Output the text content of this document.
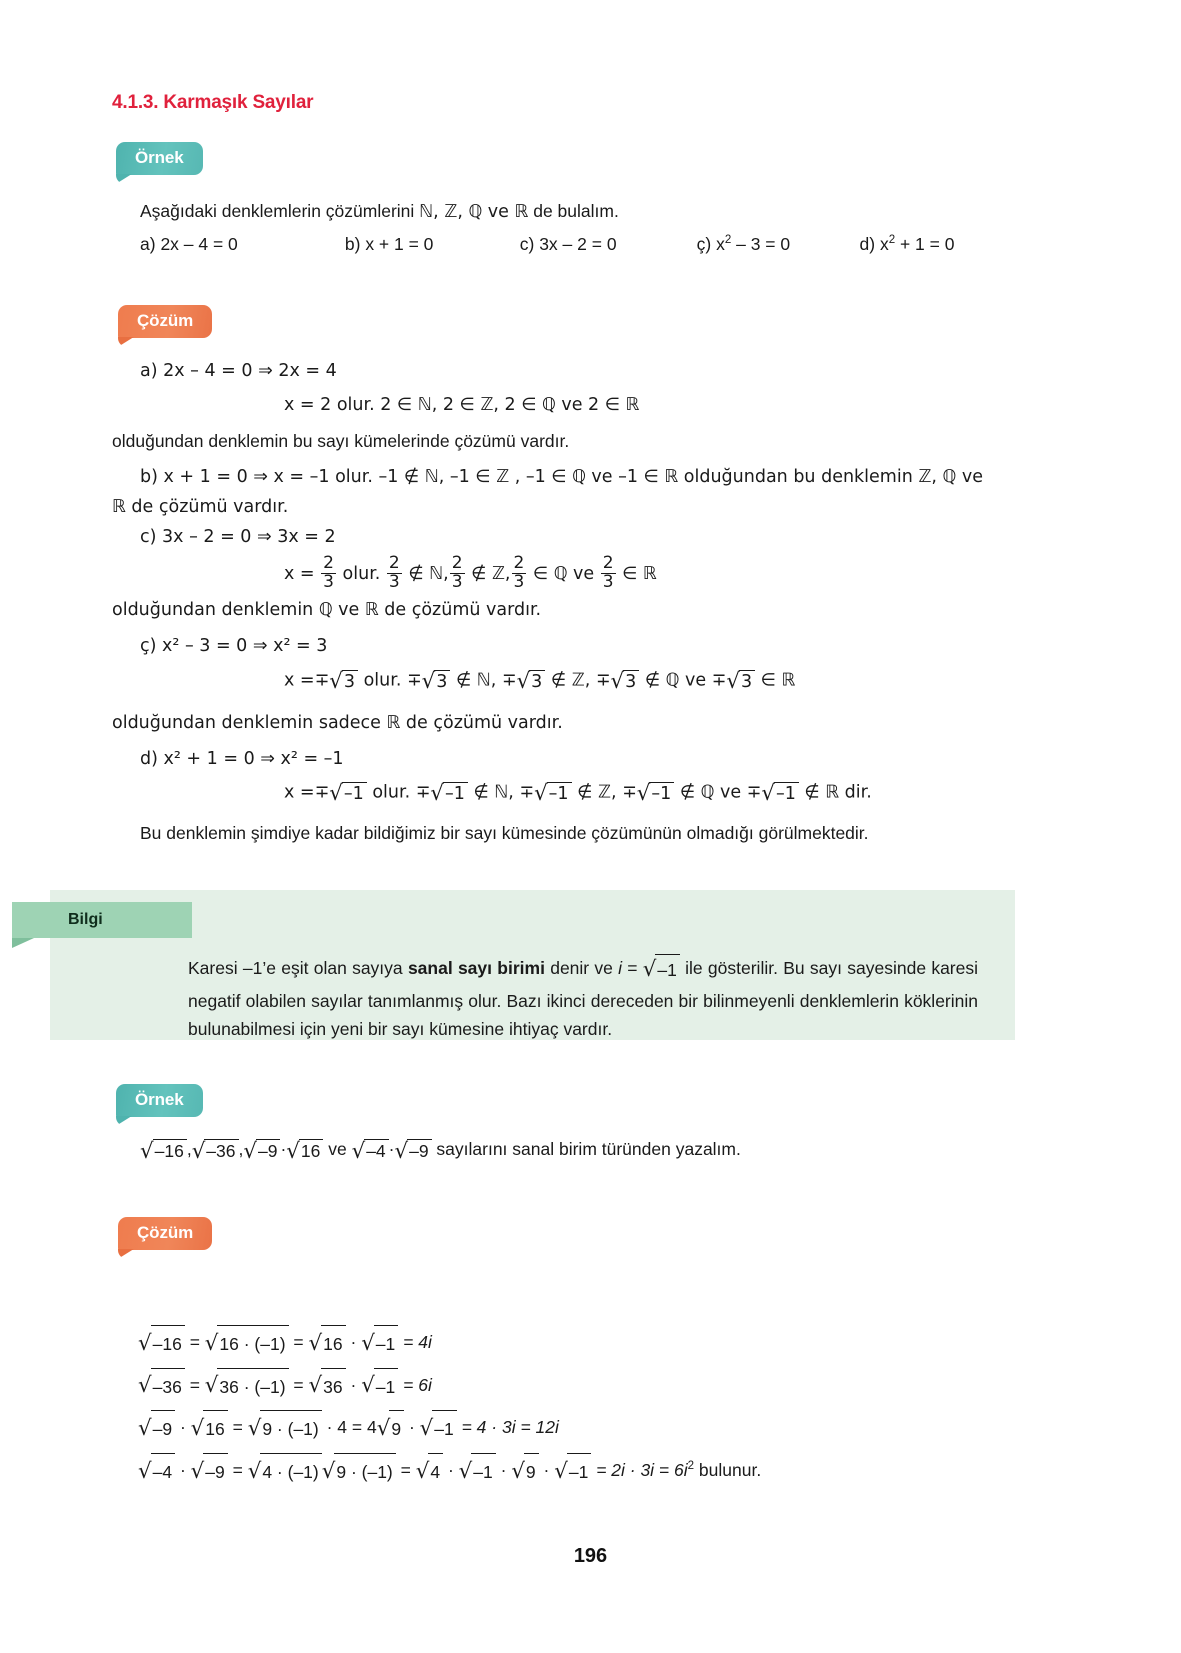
4.1.3. Karmaşık Sayılar
Örnek
Aşağıdaki denklemlerin çözümlerini ℕ, ℤ, ℚ ve ℝ de bulalım.
a) 2x – 4 = 0	b) x + 1 = 0	c) 3x – 2 = 0	ç) $x^2 - 3 = 0$	d) $x^2 + 1 = 0$
Çözüm
a) 2x – 4 = 0 ⇒ 2x = 4
x = 2 olur. 2 ∈ ℕ, 2 ∈ ℤ, 2 ∈ ℚ ve 2 ∈ ℝ
olduğundan denklemin bu sayı kümelerinde çözümü vardır.
b) x + 1 = 0 ⇒ x = –1 olur. –1 ∉ ℕ, –1 ∈ ℤ , –1 ∈ ℚ ve –1 ∈ ℝ olduğundan bu denklemin ℤ, ℚ ve
ℝ de çözümü vardır.
c) 3x – 2 = 0 ⇒ 3x = 2
$x = \frac{2}{3}$ olur. $\frac{2}{3}$ ∉ ℕ, $\frac{2}{3}$ ∉ ℤ, $\frac{2}{3}$ ∈ ℚ ve $\frac{2}{3}$ ∈ ℝ
olduğundan denklemin ℚ ve ℝ de çözümü vardır.
ç) x² – 3 = 0 ⇒ x² = 3
x =∓√3 olur. ∓√3 ∉ ℕ, ∓√3 ∉ ℤ, ∓√3 ∉ ℚ ve ∓√3 ∈ ℝ
olduğundan denklemin sadece ℝ de çözümü vardır.
d) x² + 1 = 0 ⇒ x² = –1
x =∓√–1 olur. ∓√–1 ∉ ℕ, ∓√–1 ∉ ℤ, ∓√–1 ∉ ℚ ve ∓√–1 ∉ ℝ dir.
Bu denklemin şimdiye kadar bildiğimiz bir sayı kümesinde çözümünün olmadığı görülmektedir.
Bilgi
Karesi –1’e eşit olan sayıya sanal sayı birimi denir ve i = √–1 ile gösterilir. Bu sayı sayesinde karesi negatif olabilen sayılar tanımlanmış olur. Bazı ikinci dereceden bir bilinmeyenli denklemlerin köklerinin bulunabilmesi için yeni bir sayı kümesine ihtiyaç vardır.
Örnek
√–16 ,√–36 ,√–9 ·√16 ve √–4 ·√–9 sayılarını sanal birim türünden yazalım.
Çözüm
√–16 = √16 · (–1) = √16 · √–1 = 4i
√–36 = √36 · (–1) = √36 · √–1 = 6i
√–9 · √16 = √9 · (–1) · 4 = 4√9 · √–1 = 4 · 3i = 12i
√–4 · √–9 = √4 · (–1) $√9 \cdot (-1) = √4 \cdot √-1 \cdot √9 \cdot √-1 = 2i \cdot 3i = 6i^2$ bulunur.
196
